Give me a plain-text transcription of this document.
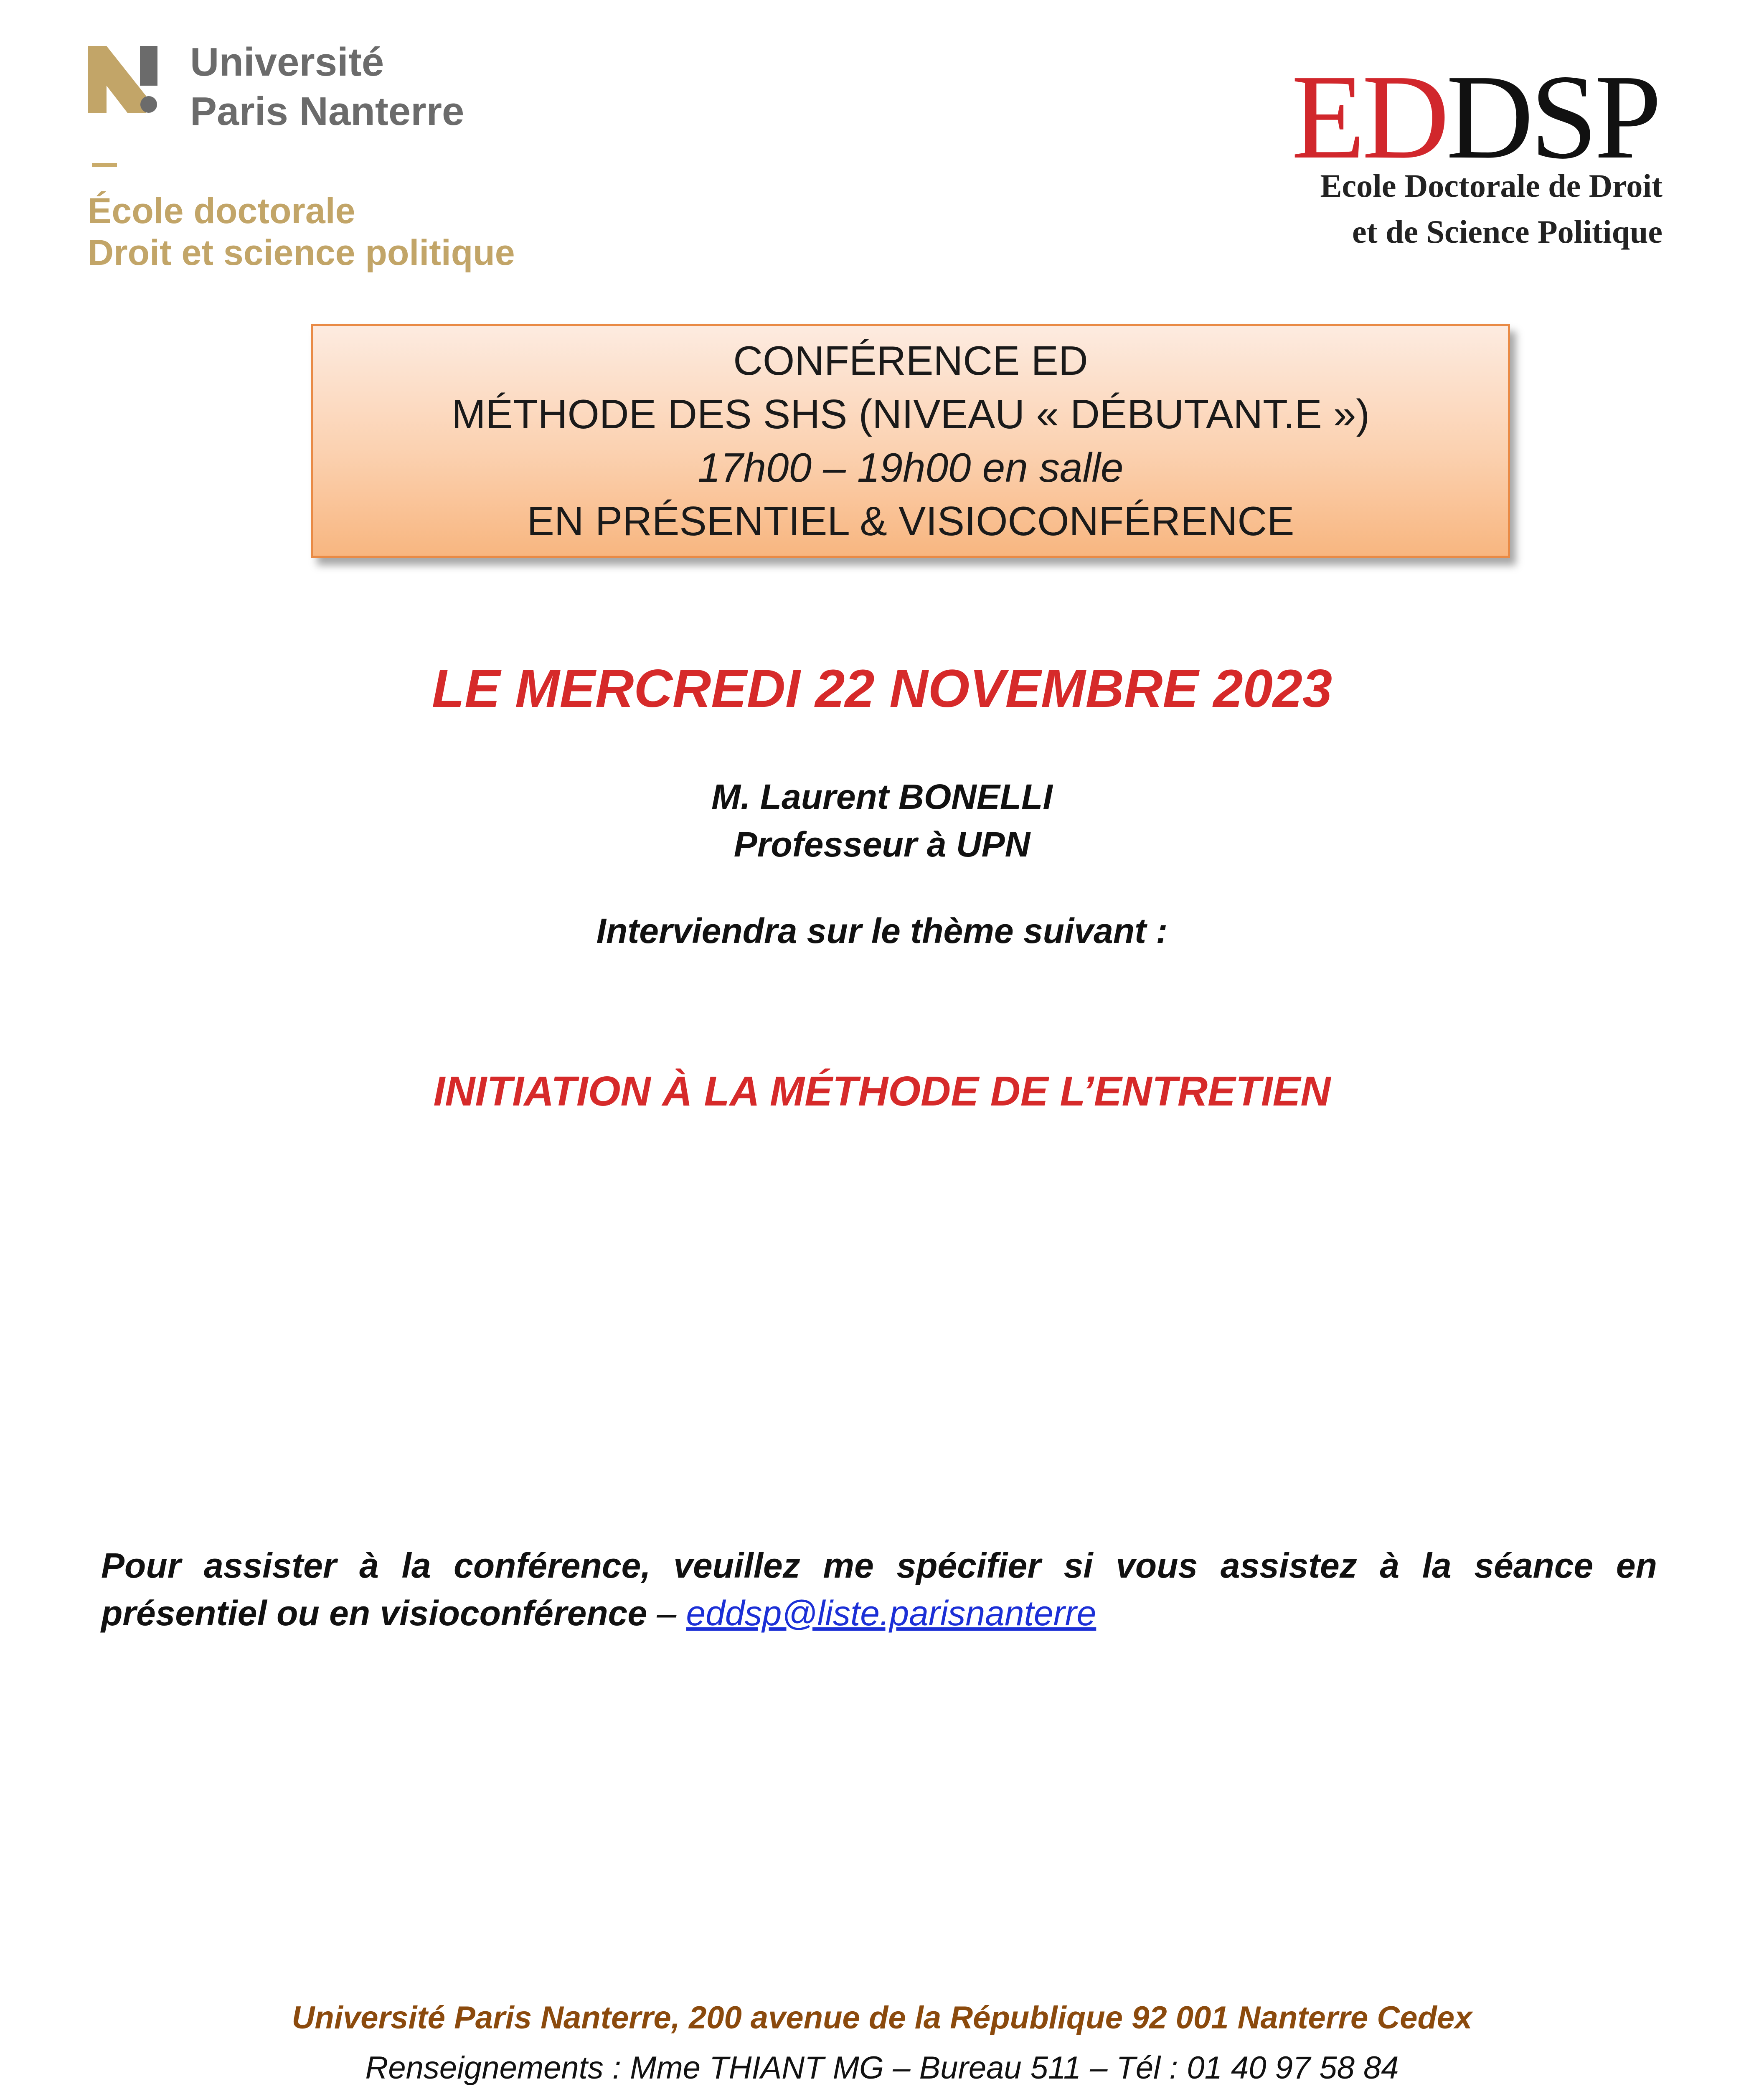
Université
Paris Nanterre
École doctorale
Droit et science politique
EDDSP
Ecole Doctorale de Droit
et de Science Politique
CONFÉRENCE ED
MÉTHODE DES SHS (NIVEAU « DÉBUTANT.E »)
17h00 – 19h00 en salle
EN PRÉSENTIEL & VISIOCONFÉRENCE
LE MERCREDI 22 NOVEMBRE 2023
M. Laurent BONELLI
Professeur à UPN
Interviendra sur le thème suivant :
INITIATION À LA MÉTHODE DE L’ENTRETIEN
Pour assister à la conférence, veuillez me spécifier si vous assistez à la séance en
présentiel ou en visioconférence – eddsp@liste.parisnanterre
Université Paris Nanterre, 200 avenue de la République 92 001 Nanterre Cedex
Renseignements : Mme THIANT MG – Bureau 511 – Tél : 01 40 97 58 84
